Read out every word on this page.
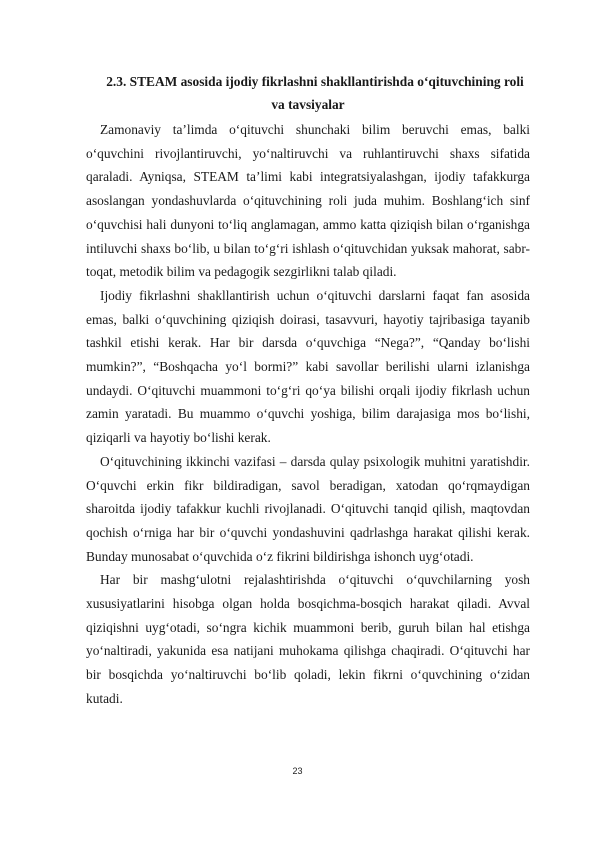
2.3. STEAM asosida ijodiy fikrlashni shakllantirishda o‘qituvchining roli va tavsiyalar

Zamonaviy ta’limda o‘qituvchi shunchaki bilim beruvchi emas, balki o‘quvchini rivojlantiruvchi, yo‘naltiruvchi va ruhlantiruvchi shaxs sifatida qaraladi. Ayniqsa, STEAM ta’limi kabi integratsiyalashgan, ijodiy tafakkurga asoslangan yondashuvlarda o‘qituvchining roli juda muhim. Boshlang‘ich sinf o‘quvchisi hali dunyoni to‘liq anglamagan, ammo katta qiziqish bilan o‘rganishga intiluvchi shaxs bo‘lib, u bilan to‘g‘ri ishlash o‘qituvchidan yuksak mahorat, sabr-toqat, metodik bilim va pedagogik sezgirlikni talab qiladi.

Ijodiy fikrlashni shakllantirish uchun o‘qituvchi darslarni faqat fan asosida emas, balki o‘quvchining qiziqish doirasi, tasavvuri, hayotiy tajribasiga tayanib tashkil etishi kerak. Har bir darsda o‘quvchiga “Nega?”, “Qanday bo‘lishi mumkin?”, “Boshqacha yo‘l bormi?” kabi savollar berilishi ularni izlanishga undaydi. O‘qituvchi muammoni to‘g‘ri qo‘ya bilishi orqali ijodiy fikrlash uchun zamin yaratadi. Bu muammo o‘quvchi yoshiga, bilim darajasiga mos bo‘lishi, qiziqarli va hayotiy bo‘lishi kerak.

O‘qituvchining ikkinchi vazifasi – darsda qulay psixologik muhitni yaratishdir. O‘quvchi erkin fikr bildiradigan, savol beradigan, xatodan qo‘rqmaydigan sharoitda ijodiy tafakkur kuchli rivojlanadi. O‘qituvchi tanqid qilish, maqtovdan qochish o‘rniga har bir o‘quvchi yondashuvini qadrlashga harakat qilishi kerak. Bunday munosabat o‘quvchida o‘z fikrini bildirishga ishonch uyg‘otadi.

Har bir mashg‘ulotni rejalashtirishda o‘qituvchi o‘quvchilarning yosh xususiyatlarini hisobga olgan holda bosqichma-bosqich harakat qiladi. Avval qiziqishni uyg‘otadi, so‘ngra kichik muammoni berib, guruh bilan hal etishga yo‘naltiradi, yakunida esa natijani muhokama qilishga chaqiradi. O‘qituvchi har bir bosqichda yo‘naltiruvchi bo‘lib qoladi, lekin fikrni o‘quvchining o‘zidan kutadi.

23
